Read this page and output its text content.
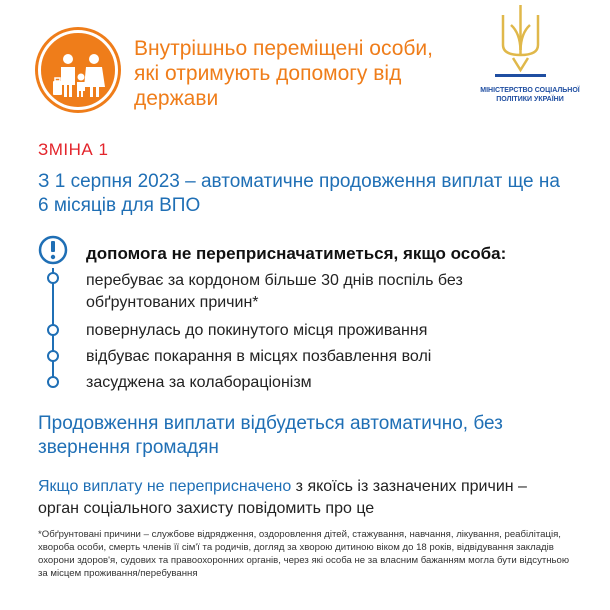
Внутрішньо переміщені особи, які отримують допомогу від держави	МІНІСТЕРСТВО СОЦІАЛЬНОЇ ПОЛІТИКИ УКРАЇНИ
ЗМІНА 1
З 1 серпня 2023 – автоматичне продовження виплат ще на 6 місяців для ВПО
допомога не переприсначатиметься, якщо особа:
перебуває за кордоном більше 30 днів поспіль без обґрунтованих причин*
повернулась до покинутого місця проживання
відбуває покарання в місцях позбавлення волі
засуджена за колабораціонізм
Продовження виплати відбудеться автоматично, без звернення громадян
Якщо виплату не переприсначено з якоїсь із зазначених причин – орган соціального захисту повідомить про це
*Обґрунтовані причини – службове відрядження, оздоровлення дітей, стажування, навчання, лікування, реабілітація, хвороба особи, смерть членів її сім'ї та родичів, догляд за хворою дитиною віком до 18 років, відвідування закладів охорони здоров'я, судових та правоохоронних органів, через які особа не за власним бажанням могла бути відсутньою за місцем проживання/перебування
